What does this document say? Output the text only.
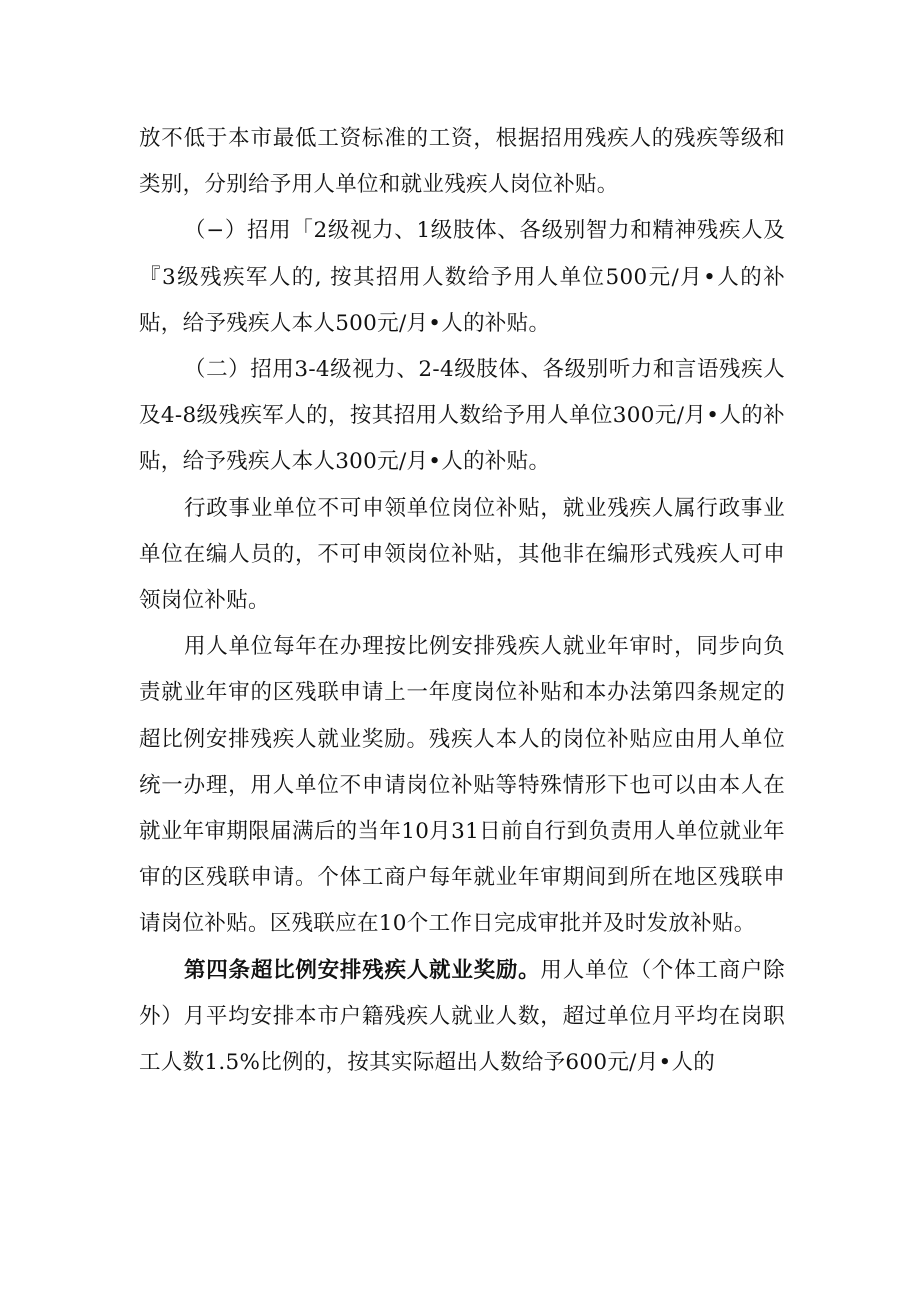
放不低于本市最低工资标准的工资，根据招用残疾人的残疾等级和类别，分别给予用人单位和就业残疾人岗位补贴。

（−）招用「2级视力、1级肢体、各级别智力和精神残疾人及『3级残疾军人的, 按其招用人数给予用人单位500元/月•人的补贴，给予残疾人本人500元/月•人的补贴。

（二）招用3-4级视力、2-4级肢体、各级别听力和言语残疾人及4-8级残疾军人的，按其招用人数给予用人单位300元/月•人的补贴，给予残疾人本人300元/月•人的补贴。

行政事业单位不可申领单位岗位补贴，就业残疾人属行政事业单位在编人员的，不可申领岗位补贴，其他非在编形式残疾人可申领岗位补贴。

用人单位每年在办理按比例安排残疾人就业年审时，同步向负责就业年审的区残联申请上一年度岗位补贴和本办法第四条规定的超比例安排残疾人就业奖励。残疾人本人的岗位补贴应由用人单位统一办理，用人单位不申请岗位补贴等特殊情形下也可以由本人在就业年审期限届满后的当年10月31日前自行到负责用人单位就业年审的区残联申请。个体工商户每年就业年审期间到所在地区残联申请岗位补贴。区残联应在10个工作日完成审批并及时发放补贴。

第四条超比例安排残疾人就业奖励。用人单位（个体工商户除外）月平均安排本市户籍残疾人就业人数，超过单位月平均在岗职工人数1.5%比例的，按其实际超出人数给予600元/月•人的
